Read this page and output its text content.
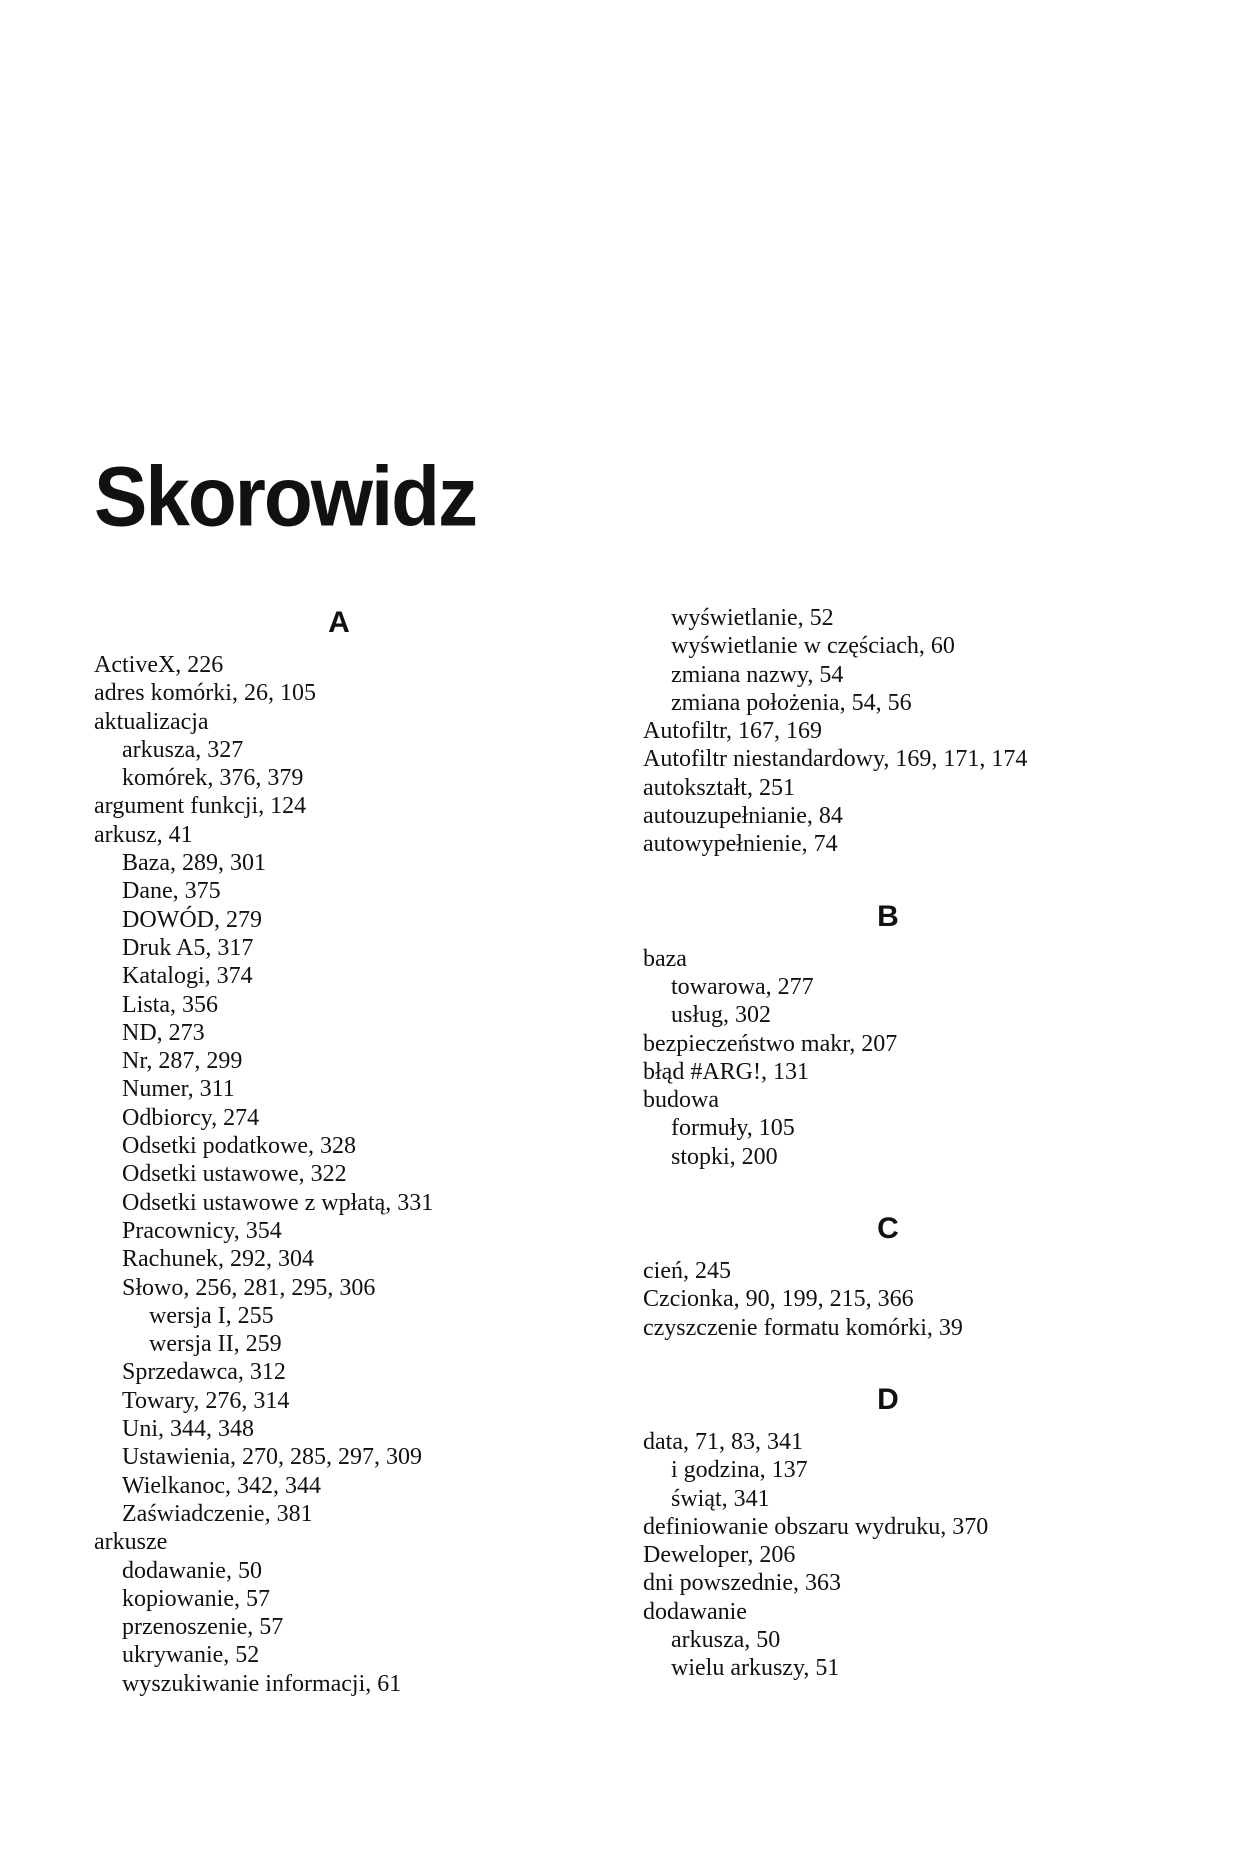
Skorowidz
A
ActiveX, 226
adres komórki, 26, 105
aktualizacja
arkusza, 327
komórek, 376, 379
argument funkcji, 124
arkusz, 41
Baza, 289, 301
Dane, 375
DOWÓD, 279
Druk A5, 317
Katalogi, 374
Lista, 356
ND, 273
Nr, 287, 299
Numer, 311
Odbiorcy, 274
Odsetki podatkowe, 328
Odsetki ustawowe, 322
Odsetki ustawowe z wpłatą, 331
Pracownicy, 354
Rachunek, 292, 304
Słowo, 256, 281, 295, 306
wersja I, 255
wersja II, 259
Sprzedawca, 312
Towary, 276, 314
Uni, 344, 348
Ustawienia, 270, 285, 297, 309
Wielkanoc, 342, 344
Zaświadczenie, 381
arkusze
dodawanie, 50
kopiowanie, 57
przenoszenie, 57
ukrywanie, 52
wyszukiwanie informacji, 61
wyświetlanie, 52
wyświetlanie w częściach, 60
zmiana nazwy, 54
zmiana położenia, 54, 56
Autofiltr, 167, 169
Autofiltr niestandardowy, 169, 171, 174
autokształt, 251
autouzupełnianie, 84
autowypełnienie, 74
B
baza
towarowa, 277
usług, 302
bezpieczeństwo makr, 207
błąd #ARG!, 131
budowa
formuły, 105
stopki, 200
C
cień, 245
Czcionka, 90, 199, 215, 366
czyszczenie formatu komórki, 39
D
data, 71, 83, 341
i godzina, 137
świąt, 341
definiowanie obszaru wydruku, 370
Deweloper, 206
dni powszednie, 363
dodawanie
arkusza, 50
wielu arkuszy, 51
